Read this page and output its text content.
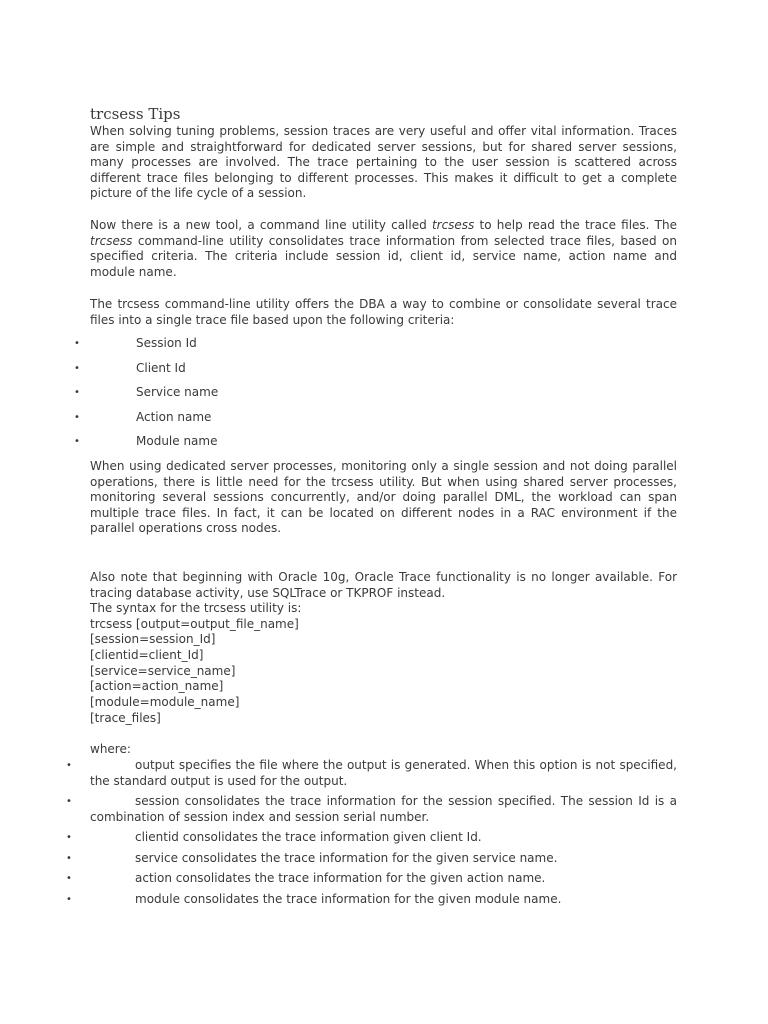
trcsess Tips

When solving tuning problems, session traces are very useful and offer vital information. Traces are simple and straightforward for dedicated server sessions, but for shared server sessions, many processes are involved. The trace pertaining to the user session is scattered across different trace files belonging to different processes. This makes it difficult to get a complete picture of the life cycle of a session.

Now there is a new tool, a command line utility called trcsess to help read the trace files. The trcsess command-line utility consolidates trace information from selected trace files, based on specified criteria. The criteria include session id, client id, service name, action name and module name.

The trcsess command-line utility offers the DBA a way to combine or consolidate several trace files into a single trace file based upon the following criteria:

•	Session Id
•	Client Id
•	Service name
•	Action name
•	Module name

When using dedicated server processes, monitoring only a single session and not doing parallel operations, there is little need for the trcsess utility. But when using shared server processes, monitoring several sessions concurrently, and/or doing parallel DML, the workload can span multiple trace files. In fact, it can be located on different nodes in a RAC environment if the parallel operations cross nodes.

Also note that beginning with Oracle 10g, Oracle Trace functionality is no longer available. For tracing database activity, use SQLTrace or TKPROF instead.

The syntax for the trcsess utility is:
trcsess [output=output_file_name]
[session=session_Id]
[clientid=client_Id]
[service=service_name]
[action=action_name]
[module=module_name]
[trace_files]

where:

•	output specifies the file where the output is generated. When this option is not specified, the standard output is used for the output.
•	session consolidates the trace information for the session specified. The session Id is a combination of session index and session serial number.
•	clientid consolidates the trace information given client Id.
•	service consolidates the trace information for the given service name.
•	action consolidates the trace information for the given action name.
•	module consolidates the trace information for the given module name.
